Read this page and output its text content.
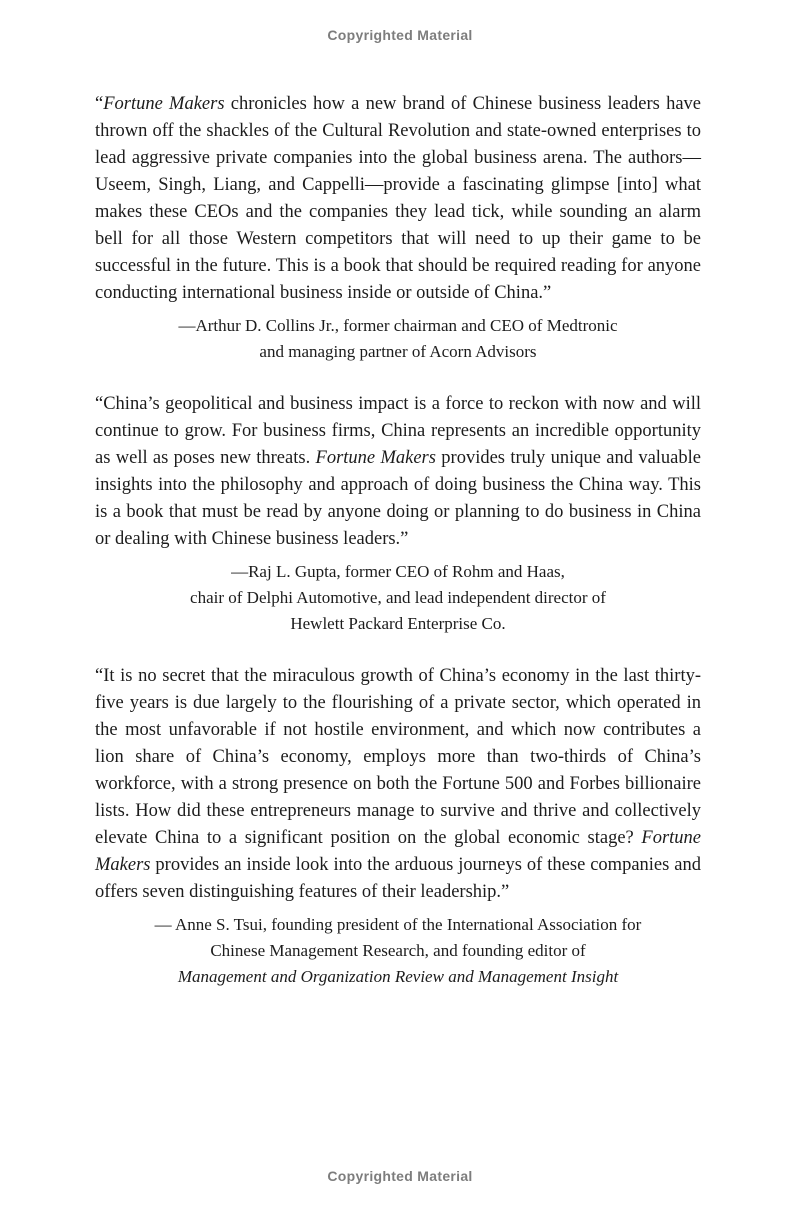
Copyrighted Material

“Fortune Makers chronicles how a new brand of Chinese business leaders have thrown off the shackles of the Cultural Revolution and state-owned enterprises to lead aggressive private companies into the global business arena. The authors—Useem, Singh, Liang, and Cappelli—provide a fascinating glimpse [into] what makes these CEOs and the companies they lead tick, while sounding an alarm bell for all those Western competitors that will need to up their game to be successful in the future. This is a book that should be required reading for anyone conducting international business inside or outside of China.”

—Arthur D. Collins Jr., former chairman and CEO of Medtronic
and managing partner of Acorn Advisors

“China’s geopolitical and business impact is a force to reckon with now and will continue to grow. For business firms, China represents an incredible opportunity as well as poses new threats. Fortune Makers provides truly unique and valuable insights into the philosophy and approach of doing business the China way. This is a book that must be read by anyone doing or planning to do business in China or dealing with Chinese business leaders.”

—Raj L. Gupta, former CEO of Rohm and Haas,
chair of Delphi Automotive, and lead independent director of
Hewlett Packard Enterprise Co.

“It is no secret that the miraculous growth of China’s economy in the last thirty-five years is due largely to the flourishing of a private sector, which operated in the most unfavorable if not hostile environment, and which now contributes a lion share of China’s economy, employs more than two-thirds of China’s workforce, with a strong presence on both the Fortune 500 and Forbes billionaire lists. How did these entrepreneurs manage to survive and thrive and collectively elevate China to a significant position on the global economic stage? Fortune Makers provides an inside look into the arduous journeys of these companies and offers seven distinguishing features of their leadership.”

— Anne S. Tsui, founding president of the International Association for
Chinese Management Research, and founding editor of
Management and Organization Review and Management Insight
Copyrighted Material
